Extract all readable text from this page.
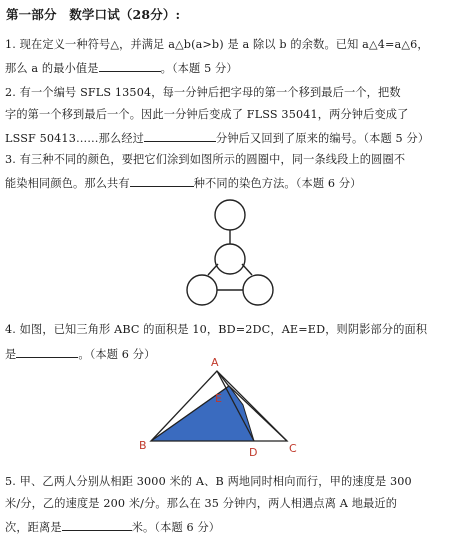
第一部分　数学口试（28分）:
1. 现在定义一种符号△，并满足 a△b(a>b) 是 a 除以 b 的余数。已知 a△4=a△6，
那么 a 的最小值是	。（本题 5 分）
2. 有一个编号 SFLS 13504，每一分钟后把字母的第一个移到最后一个，把数
字的第一个移到最后一个。因此一分钟后变成了 FLSS 35041，两分钟后变成了
LSSF 50413……那么经过	分钟后又回到了原来的编号。（本题 5 分）
3. 有三种不同的颜色，要把它们涂到如图所示的圆圈中，同一条线段上的圆圈不
能染相同颜色。那么共有	种不同的染色方法。（本题 6 分）
4. 如图，已知三角形 ABC 的面积是 10，BD=2DC，AE=ED，则阴影部分的面积
是	。（本题 6 分）
A
E
B
D	C
5. 甲、乙两人分别从相距 3000 米的 A、B 两地同时相向而行，甲的速度是 300
米/分，乙的速度是 200 米/分。那么在 35 分钟内，两人相遇点离 A 地最近的
次，距离是	米。（本题 6 分）
